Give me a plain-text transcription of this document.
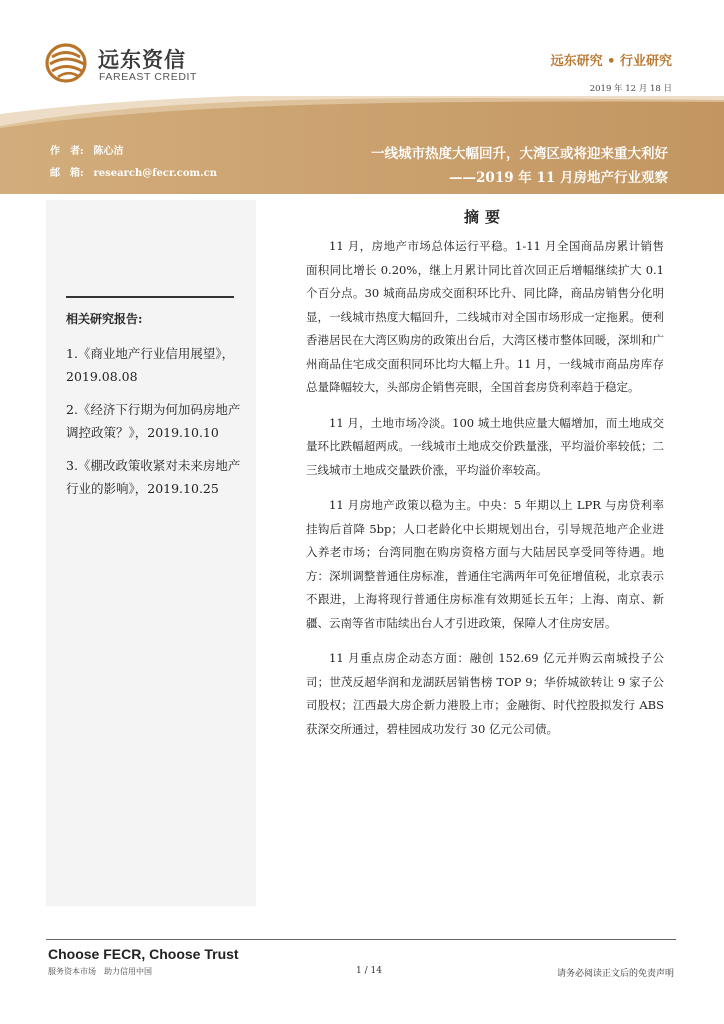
远东资信
FAREAST CREDIT
远东研究 • 行业研究
2019 年 12 月 18 日
作　者: 陈心洁
邮　箱: research@fecr.com.cn
一线城市热度大幅回升，大湾区或将迎来重大利好
——2019 年 11 月房地产行业观察
相关研究报告:
1.《商业地产行业信用展望》，2019.08.08
2.《经济下行期为何加码房地产调控政策？》，2019.10.10
3.《棚改政策收紧对未来房地产行业的影响》，2019.10.25
摘要

11 月，房地产市场总体运行平稳。1-11 月全国商品房累计销售面积同比增长 0.20%，继上月累计同比首次回正后增幅继续扩大 0.1 个百分点。30 城商品房成交面积环比升、同比降，商品房销售分化明显，一线城市热度大幅回升，二线城市对全国市场形成一定拖累。便利香港居民在大湾区购房的政策出台后，大湾区楼市整体回暖，深圳和广州商品住宅成交面积同环比均大幅上升。11 月，一线城市商品房库存总量降幅较大，头部房企销售亮眼，全国首套房贷利率趋于稳定。

11 月，土地市场冷淡。100 城土地供应量大幅增加，而土地成交量环比跌幅超两成。一线城市土地成交价跌量涨，平均溢价率较低；二三线城市土地成交量跌价涨，平均溢价率较高。

11 月房地产政策以稳为主。中央：5 年期以上 LPR 与房贷利率挂钩后首降 5bp；人口老龄化中长期规划出台，引导规范地产企业进入养老市场；台湾同胞在购房资格方面与大陆居民享受同等待遇。地方：深圳调整普通住房标准，普通住宅满两年可免征增值税，北京表示不跟进，上海将现行普通住房标准有效期延长五年；上海、南京、新疆、云南等省市陆续出台人才引进政策，保障人才住房安居。

11 月重点房企动态方面：融创 152.69 亿元并购云南城投子公司；世茂反超华润和龙湖跃居销售榜 TOP 9；华侨城欲转让 9 家子公司股权；江西最大房企新力港股上市；金融街、时代控股拟发行 ABS 获深交所通过，碧桂园成功发行 30 亿元公司债。

Choose FECR, Choose Trust
服务资本市场　助力信用中国	1 / 14	请务必阅读正文后的免责声明
